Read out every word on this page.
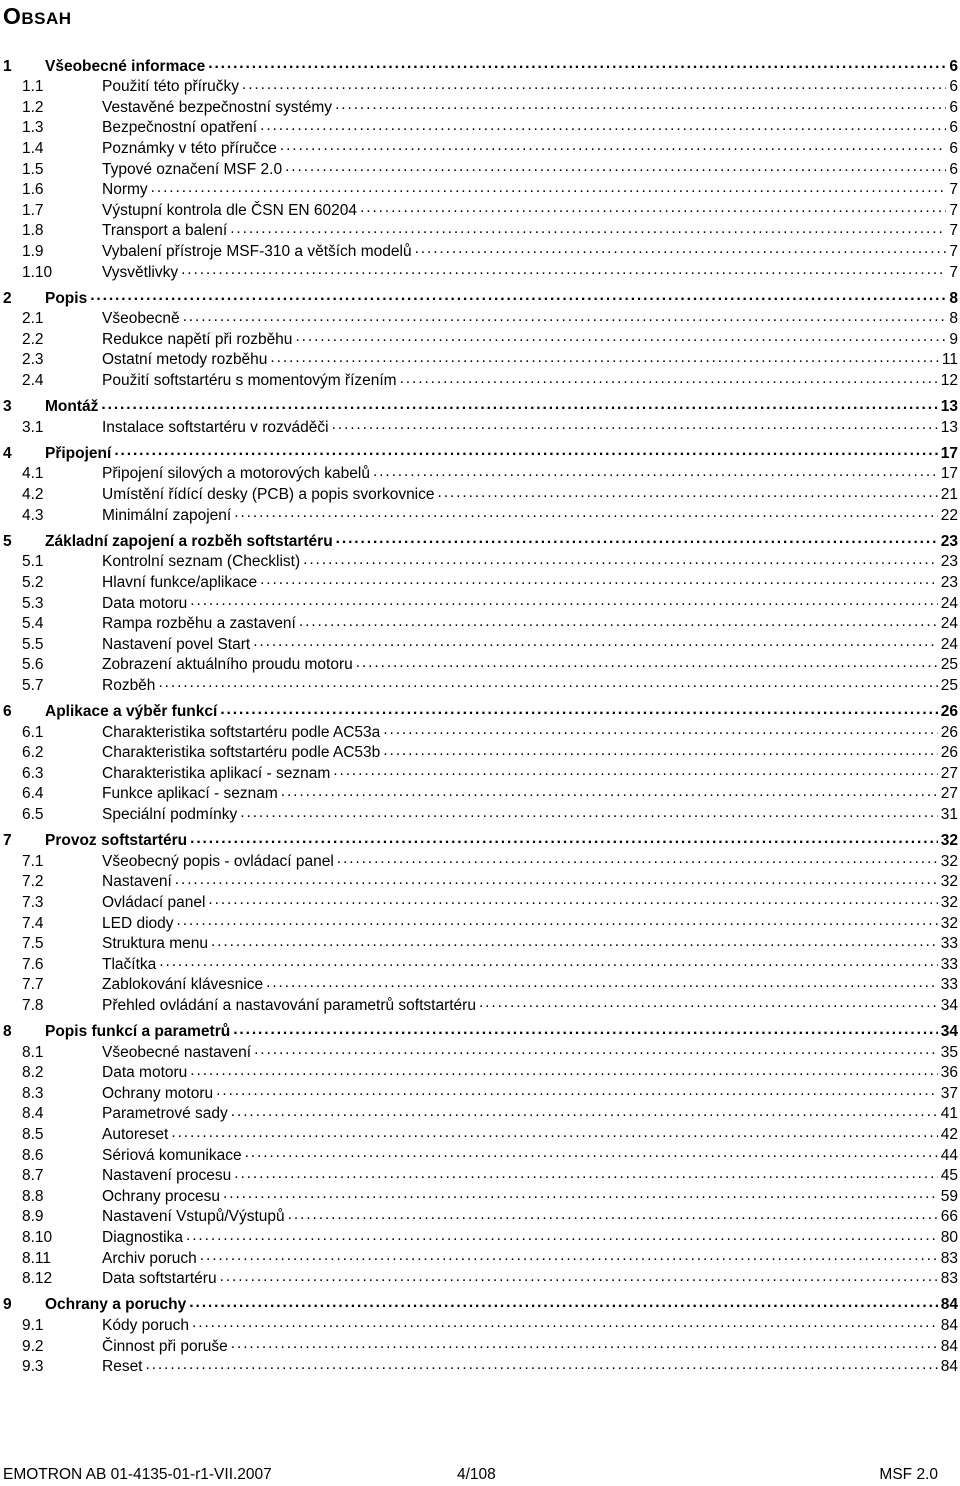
OBSAH
1	Všeobecné informace . . .	6
1.1	Použití této příručky . . .	6
1.2	Vestavěné bezpečnostní systémy . . .	6
1.3	Bezpečnostní opatření . . .	6
1.4	Poznámky v této příručce . . .	6
1.5	Typové označení MSF 2.0 . . .	6
1.6	Normy . . .	7
1.7	Výstupní kontrola dle ČSN EN 60204 . . .	7
1.8	Transport a balení . . .	7
1.9	Vybalení přístroje MSF-310 a větších modelů . . .	7
1.10	Vysvětlivky . . .	7
2	Popis . . .	8
2.1	Všeobecně . . .	8
2.2	Redukce napětí při rozběhu . . .	9
2.3	Ostatní metody rozběhu . . .	11
2.4	Použití softstartéru s momentovým řízením . . .	12
3	Montáž . . .	13
3.1	Instalace softstartéru v rozváděči . . .	13
4	Připojení . . .	17
4.1	Připojení silových a motorových kabelů . . .	17
4.2	Umístění řídící desky (PCB) a popis svorkovnice . . .	21
4.3	Minimální zapojení . . .	22
5	Základní zapojení a rozběh softstartéru . . .	23
5.1	Kontrolní seznam (Checklist) . . .	23
5.2	Hlavní funkce/aplikace . . .	23
5.3	Data motoru . . .	24
5.4	Rampa rozběhu a zastavení . . .	24
5.5	Nastavení povel Start . . .	24
5.6	Zobrazení aktuálního proudu motoru . . .	25
5.7	Rozběh . . .	25
6	Aplikace a výběr funkcí . . .	26
6.1	Charakteristika softstartéru podle AC53a . . .	26
6.2	Charakteristika softstartéru podle AC53b . . .	26
6.3	Charakteristika aplikací - seznam . . .	27
6.4	Funkce aplikací - seznam . . .	27
6.5	Speciální podmínky . . .	31
7	Provoz softstartéru . . .	32
7.1	Všeobecný popis - ovládací panel . . .	32
7.2	Nastavení . . .	32
7.3	Ovládací panel . . .	32
7.4	LED diody . . .	32
7.5	Struktura menu . . .	33
7.6	Tlačítka . . .	33
7.7	Zablokování klávesnice . . .	33
7.8	Přehled ovládání a nastavování parametrů softstartéru . . .	34
8	Popis funkcí a parametrů . . .	34
8.1	Všeobecné nastavení . . .	35
8.2	Data motoru . . .	36
8.3	Ochrany motoru . . .	37
8.4	Parametrové sady . . .	41
8.5	Autoreset . . .	42
8.6	Sériová komunikace . . .	44
8.7	Nastavení procesu . . .	45
8.8	Ochrany procesu . . .	59
8.9	Nastavení Vstupů/Výstupů . . .	66
8.10	Diagnostika . . .	80
8.11	Archiv poruch . . .	83
8.12	Data softstartéru . . .	83
9	Ochrany a poruchy . . .	84
9.1	Kódy poruch . . .	84
9.2	Činnost při poruše . . .	84
9.3	Reset . . .	84
EMOTRON AB 01-4135-01-r1-VII.2007	4/108	MSF 2.0
